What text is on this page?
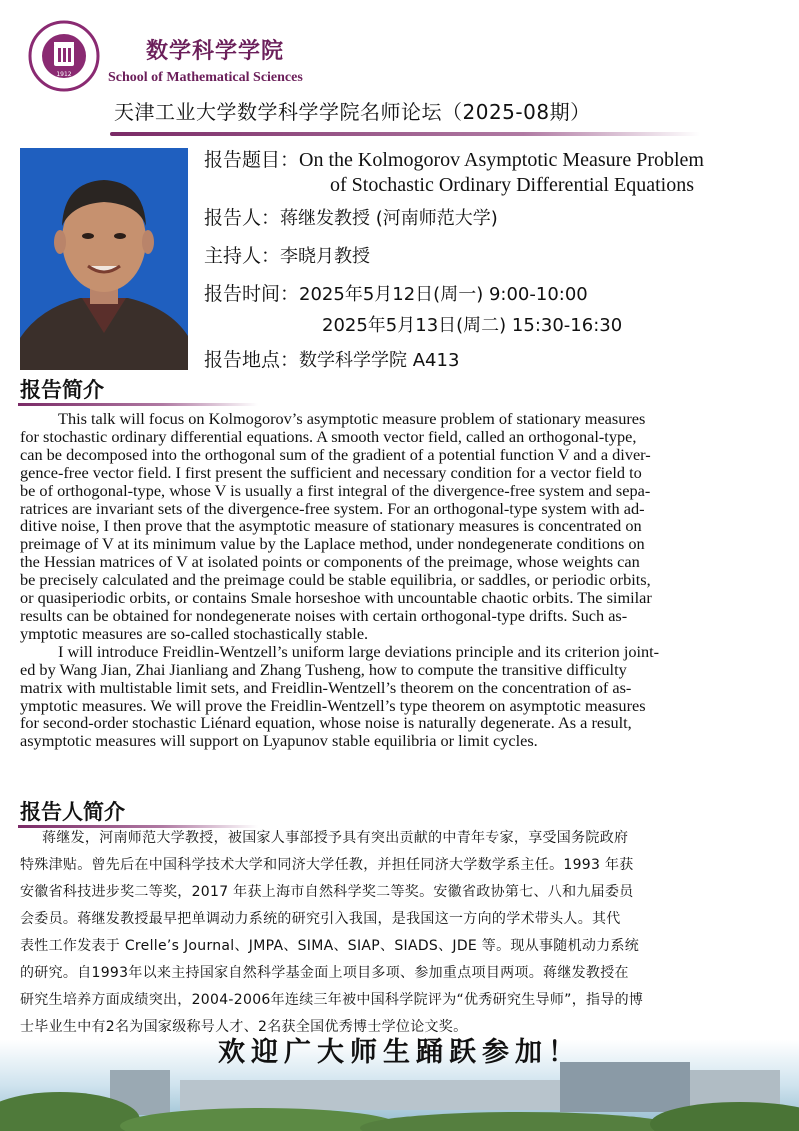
1912
数学科学学院
School of Mathematical Sciences
天津工业大学数学科学学院名师论坛（2025-08期）
报告题目：On the Kolmogorov Asymptotic Measure Problem
of Stochastic Ordinary Differential Equations
报告人：蒋继发教授 (河南师范大学)
主持人：李晓月教授
报告时间：2025年5月12日(周一) 9:00-10:00
2025年5月13日(周二) 15:30-16:30
报告地点：数学科学学院 A413
报告简介
This talk will focus on Kolmogorov’s asymptotic measure problem of stationary measures
for stochastic ordinary differential equations. A smooth vector field, called an orthogonal-type,
can be decomposed into the orthogonal sum of the gradient of a potential function V and a diver-
gence-free vector field. I first present the sufficient and necessary condition for a vector field to
be of orthogonal-type, whose V is usually a first integral of the divergence-free system and sepa-
ratrices are invariant sets of the divergence-free system. For an orthogonal-type system with ad-
ditive noise, I then prove that the asymptotic measure of stationary measures is concentrated on
preimage of V at its minimum value by the Laplace method, under nondegenerate conditions on
the Hessian matrices of V at isolated points or components of the preimage, whose weights can
be precisely calculated and the preimage could be stable equilibria, or saddles, or periodic orbits,
or quasiperiodic orbits, or contains Smale horseshoe with uncountable chaotic orbits. The similar
results can be obtained for nondegenerate noises with certain orthogonal-type drifts. Such as-
ymptotic measures are so-called stochastically stable.
I will introduce Freidlin-Wentzell’s uniform large deviations principle and its criterion joint-
ed by Wang Jian, Zhai Jianliang and Zhang Tusheng, how to compute the transitive difficulty
matrix with multistable limit sets, and Freidlin-Wentzell’s theorem on the concentration of as-
ymptotic measures. We will prove the Freidlin-Wentzell’s type theorem on asymptotic measures
for second-order stochastic Liénard equation, whose noise is naturally degenerate. As a result,
asymptotic measures will support on Lyapunov stable equilibria or limit cycles.
报告人简介
蒋继发，河南师范大学教授，被国家人事部授予具有突出贡献的中青年专家，享受国务院政府
特殊津贴。曾先后在中国科学技术大学和同济大学任教，并担任同济大学数学系主任。1993 年获
安徽省科技进步奖二等奖，2017 年获上海市自然科学奖二等奖。安徽省政协第七、八和九届委员
会委员。蒋继发教授最早把单调动力系统的研究引入我国，是我国这一方向的学术带头人。其代
表性工作发表于 Crelle’s Journal、JMPA、SIMA、SIAP、SIADS、JDE 等。现从事随机动力系统
的研究。自1993年以来主持国家自然科学基金面上项目多项、参加重点项目两项。蒋继发教授在
研究生培养方面成绩突出，2004-2006年连续三年被中国科学院评为“优秀研究生导师”，指导的博
士毕业生中有2名为国家级称号人才、2名获全国优秀博士学位论文奖。
欢迎广大师生踊跃参加！
